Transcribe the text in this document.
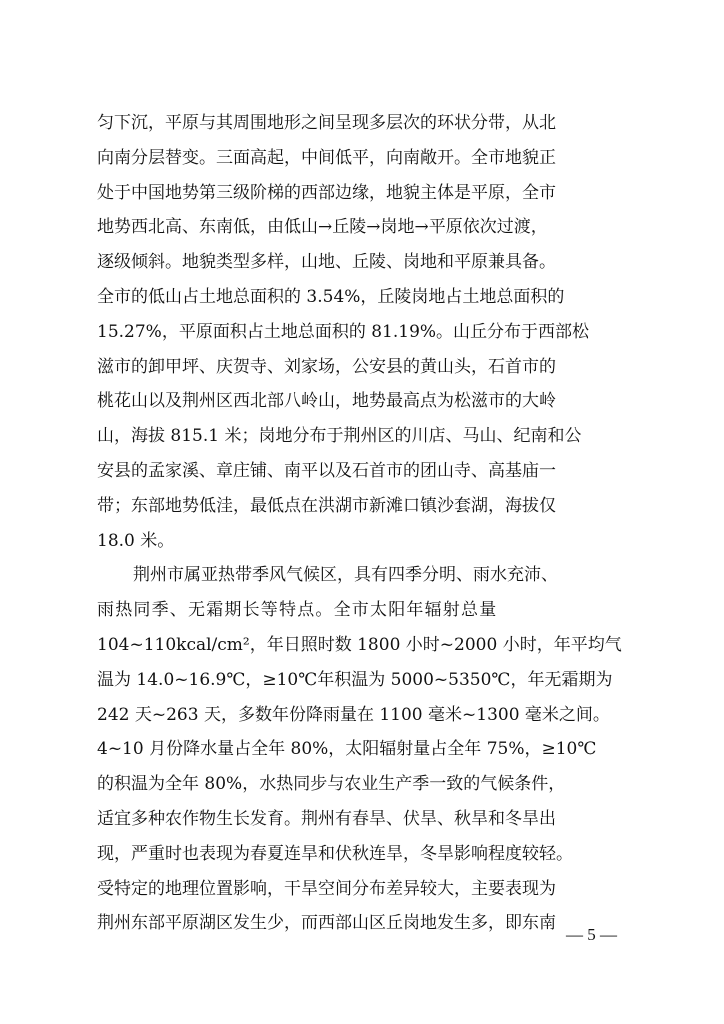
匀下沉，平原与其周围地形之间呈现多层次的环状分带，从北
向南分层替变。三面高起，中间低平，向南敞开。全市地貌正
处于中国地势第三级阶梯的西部边缘，地貌主体是平原，全市
地势西北高、东南低，由低山→丘陵→岗地→平原依次过渡，
逐级倾斜。地貌类型多样，山地、丘陵、岗地和平原兼具备。
全市的低山占土地总面积的 3.54%，丘陵岗地占土地总面积的
15.27%，平原面积占土地总面积的 81.19%。山丘分布于西部松
滋市的卸甲坪、庆贺寺、刘家场，公安县的黄山头，石首市的
桃花山以及荆州区西北部八岭山，地势最高点为松滋市的大岭
山，海拔 815.1 米；岗地分布于荆州区的川店、马山、纪南和公
安县的孟家溪、章庄铺、南平以及石首市的团山寺、高基庙一
带；东部地势低洼，最低点在洪湖市新滩口镇沙套湖，海拔仅
18.0 米。
荆州市属亚热带季风气候区，具有四季分明、雨水充沛、
雨热同季、无霜期长等特点。全市太阳年辐射总量
104~110kcal/cm²，年日照时数 1800 小时~2000 小时，年平均气
温为 14.0~16.9℃，≥10℃年积温为 5000~5350℃，年无霜期为
242 天~263 天，多数年份降雨量在 1100 毫米~1300 毫米之间。
4~10 月份降水量占全年 80%，太阳辐射量占全年 75%，≥10℃
的积温为全年 80%，水热同步与农业生产季一致的气候条件，
适宜多种农作物生长发育。荆州有春旱、伏旱、秋旱和冬旱出
现，严重时也表现为春夏连旱和伏秋连旱，冬旱影响程度较轻。
受特定的地理位置影响，干旱空间分布差异较大，主要表现为
荆州东部平原湖区发生少，而西部山区丘岗地发生多，即东南
— 5 —
